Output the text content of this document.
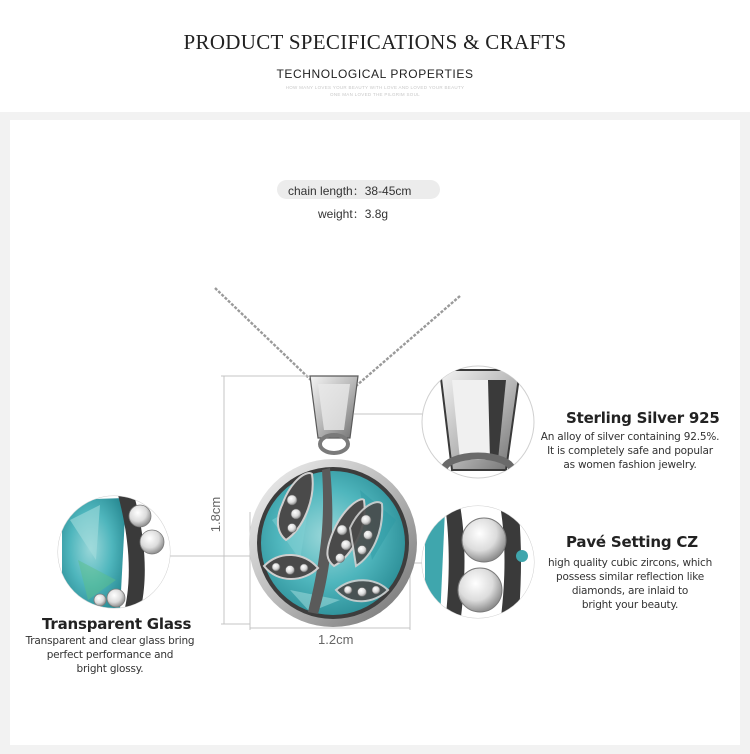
PRODUCT SPECIFICATIONS & CRAFTS
TECHNOLOGICAL PROPERTIES
HOW MANY LOVES YOUR BEAUTY WITH LOVE AND LOVED YOUR BEAUTY
ONE MAN LOVED THE PILGRIM SOUL
chain length：38-45cm
weight：3.8g
1.8cm
1.2cm
Sterling Silver 925
An alloy of silver containing 92.5%.
It is completely safe and popular
as women fashion jewelry.
Pavé Setting CZ
high quality cubic zircons, which
possess similar reflection like
diamonds, are inlaid to
bright your beauty.
Transparent Glass
Transparent and clear glass bring
perfect performance and
bright glossy.
